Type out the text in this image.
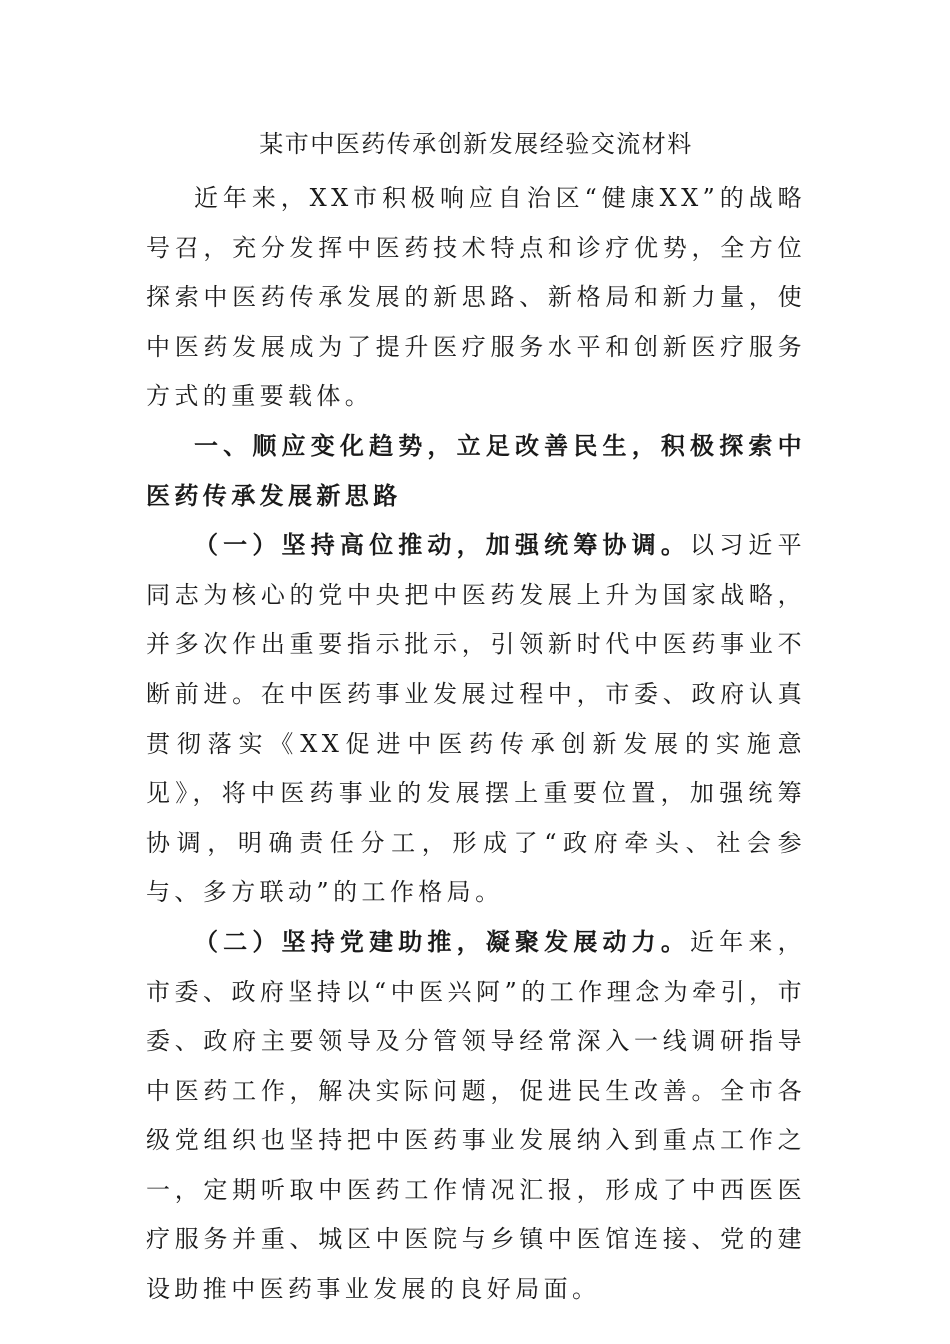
某市中医药传承创新发展经验交流材料

近年来，XX市积极响应自治区“健康XX”的战略号召，充分发挥中医药技术特点和诊疗优势，全方位探索中医药传承发展的新思路、新格局和新力量，使中医药发展成为了提升医疗服务水平和创新医疗服务方式的重要载体。

一、顺应变化趋势，立足改善民生，积极探索中医药传承发展新思路

（一）坚持高位推动，加强统筹协调。以习近平同志为核心的党中央把中医药发展上升为国家战略，并多次作出重要指示批示，引领新时代中医药事业不断前进。在中医药事业发展过程中，市委、政府认真贯彻落实《XX促进中医药传承创新发展的实施意见》，将中医药事业的发展摆上重要位置，加强统筹协调，明确责任分工，形成了“政府牵头、社会参与、多方联动”的工作格局。

（二）坚持党建助推，凝聚发展动力。近年来，市委、政府坚持以“中医兴阿”的工作理念为牵引，市委、政府主要领导及分管领导经常深入一线调研指导中医药工作，解决实际问题，促进民生改善。全市各级党组织也坚持把中医药事业发展纳入到重点工作之一，定期听取中医药工作情况汇报，形成了中西医医疗服务并重、城区中医院与乡镇中医馆连接、党的建设助推中医药事业发展的良好局面。
